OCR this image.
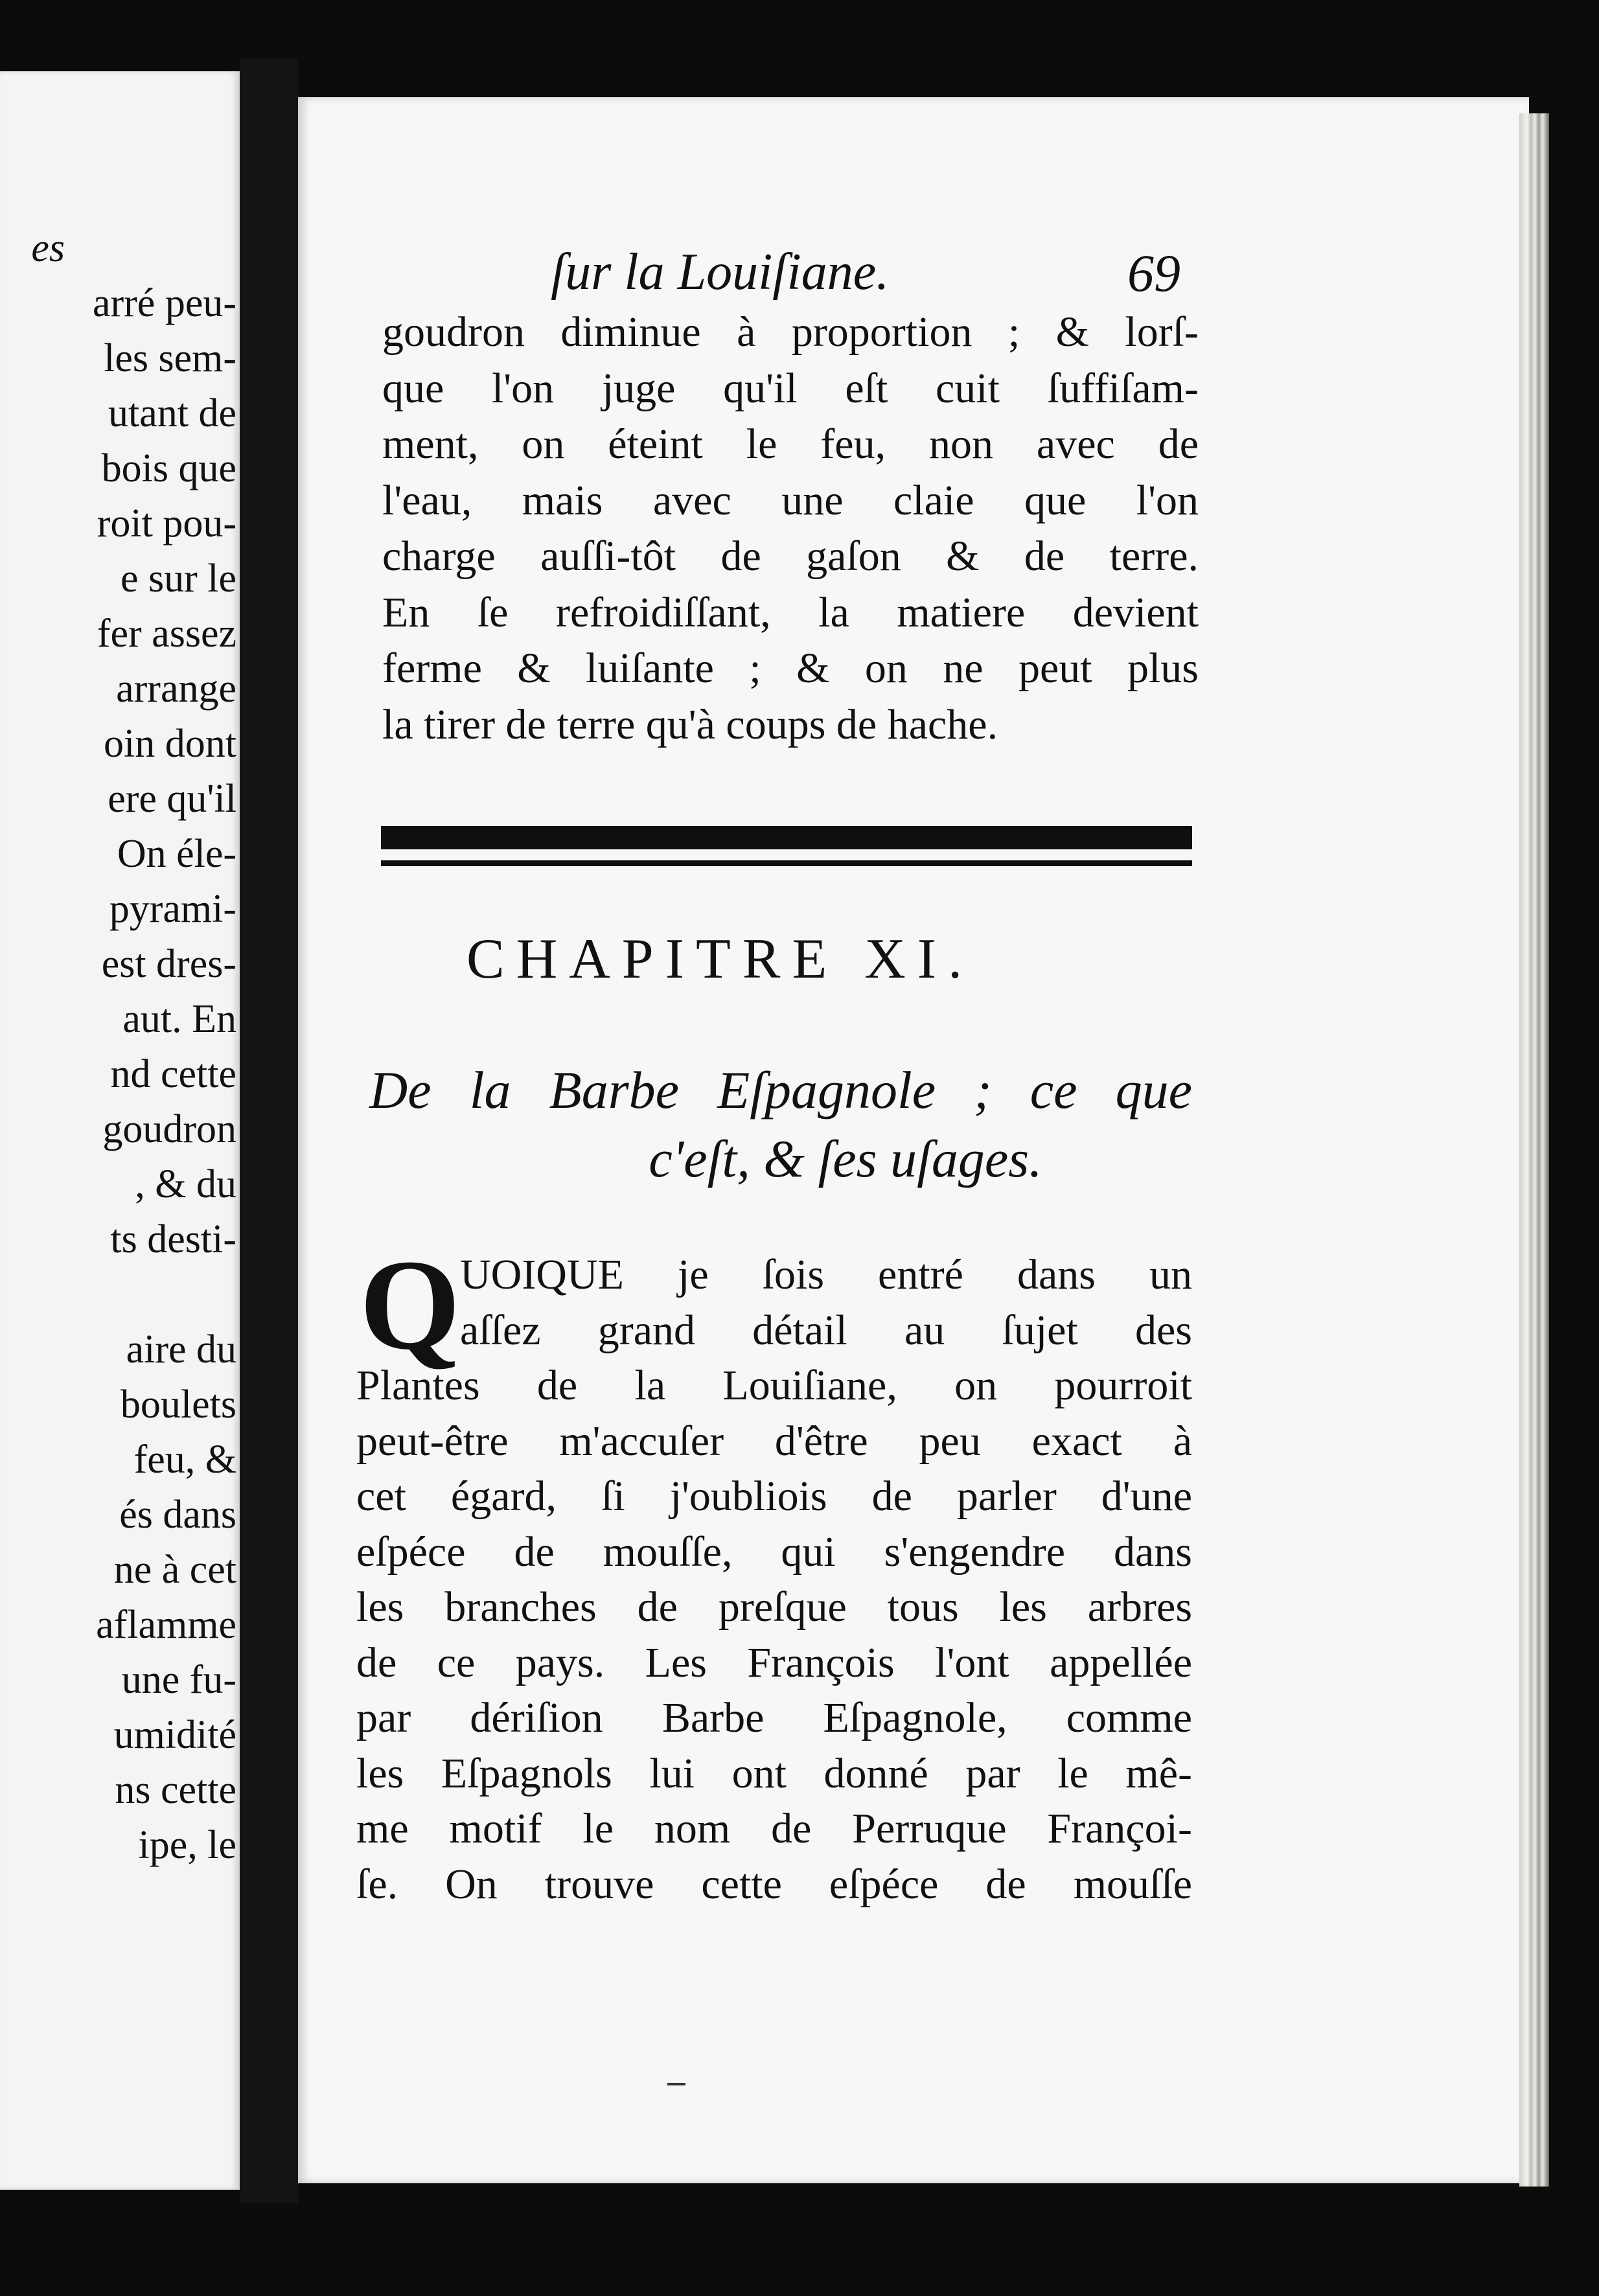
es
arré peu-
les sem-
utant de
bois que
roit pou-
e sur le
fer assez
arrange
oin dont
ere qu'il
On éle-
pyrami-
est dres-
aut. En
nd cette
goudron
, & du
ts desti-
aire du
boulets
feu, &
és dans
ne à cet
aflamme
une fu-
umidité
ns cette
ipe, le
ſur la Louiſiane.	69
goudron diminue à proportion ; & lorſ-
que l'on juge qu'il eſt cuit ſuffiſam-
ment, on éteint le feu, non avec de
l'eau, mais avec une claie que l'on
charge auſſi-tôt de gaſon & de terre.
En ſe refroidiſſant, la matiere devient
ferme & luiſante ; & on ne peut plus
la tirer de terre qu'à coups de hache.
CHAPITRE XI.
De la Barbe Eſpagnole ; ce que
c'eſt, & ſes uſages.
Q UOIQUE je ſois entré dans un
aſſez grand détail au ſujet des
Plantes de la Louiſiane, on pourroit
peut-être m'accuſer d'être peu exact à
cet égard, ſi j'oubliois de parler d'une
eſpéce de mouſſe, qui s'engendre dans
les branches de preſque tous les arbres
de ce pays. Les François l'ont appellée
par dériſion Barbe Eſpagnole, comme
les Eſpagnols lui ont donné par le mê-
me motif le nom de Perruque Françoi-
ſe. On trouve cette eſpéce de mouſſe
